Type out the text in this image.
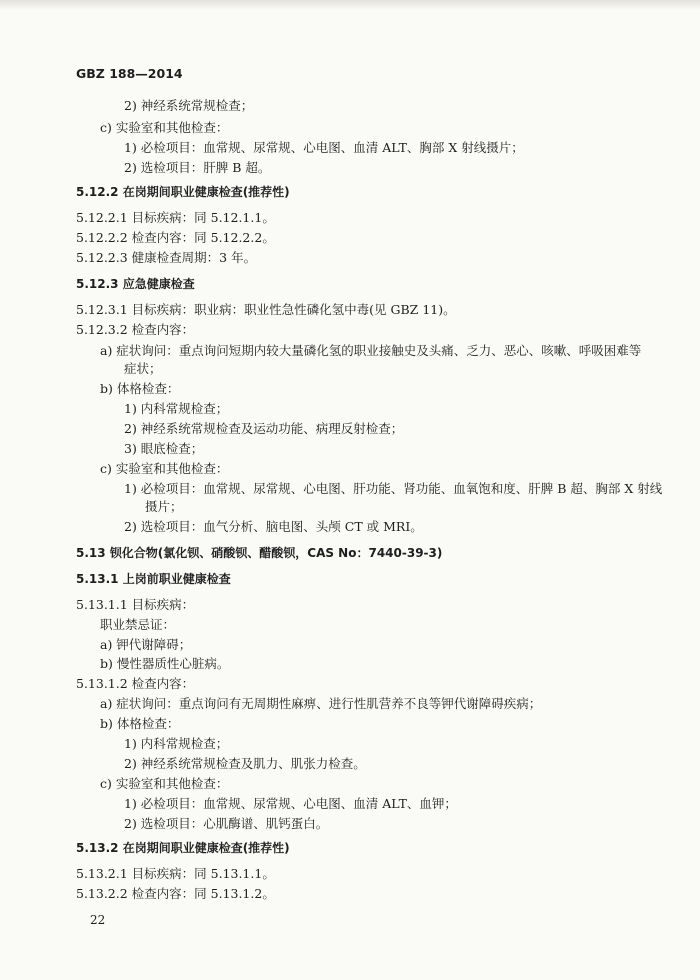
GBZ 188—2014
2) 神经系统常规检查；
c) 实验室和其他检查：
1) 必检项目：血常规、尿常规、心电图、血清 ALT、胸部 X 射线摄片；
2) 选检项目：肝脾 B 超。
5.12.2 在岗期间职业健康检查(推荐性)
5.12.2.1 目标疾病：同 5.12.1.1。
5.12.2.2 检查内容：同 5.12.2.2。
5.12.2.3 健康检查周期：3 年。
5.12.3 应急健康检查
5.12.3.1 目标疾病：职业病：职业性急性磷化氢中毒(见 GBZ 11)。
5.12.3.2 检查内容：
a) 症状询问：重点询问短期内较大量磷化氢的职业接触史及头痛、乏力、恶心、咳嗽、呼吸困难等
症状；
b) 体格检查：
1) 内科常规检查；
2) 神经系统常规检查及运动功能、病理反射检查；
3) 眼底检查；
c) 实验室和其他检查：
1) 必检项目：血常规、尿常规、心电图、肝功能、肾功能、血氧饱和度、肝脾 B 超、胸部 X 射线
摄片；
2) 选检项目：血气分析、脑电图、头颅 CT 或 MRI。
5.13 钡化合物(氯化钡、硝酸钡、醋酸钡，CAS No：7440-39-3)
5.13.1 上岗前职业健康检查
5.13.1.1 目标疾病：
职业禁忌证：
a) 钾代谢障碍；
b) 慢性器质性心脏病。
5.13.1.2 检查内容：
a) 症状询问：重点询问有无周期性麻痹、进行性肌营养不良等钾代谢障碍疾病；
b) 体格检查：
1) 内科常规检查；
2) 神经系统常规检查及肌力、肌张力检查。
c) 实验室和其他检查：
1) 必检项目：血常规、尿常规、心电图、血清 ALT、血钾；
2) 选检项目：心肌酶谱、肌钙蛋白。
5.13.2 在岗期间职业健康检查(推荐性)
5.13.2.1 目标疾病：同 5.13.1.1。
5.13.2.2 检查内容：同 5.13.1.2。
22
